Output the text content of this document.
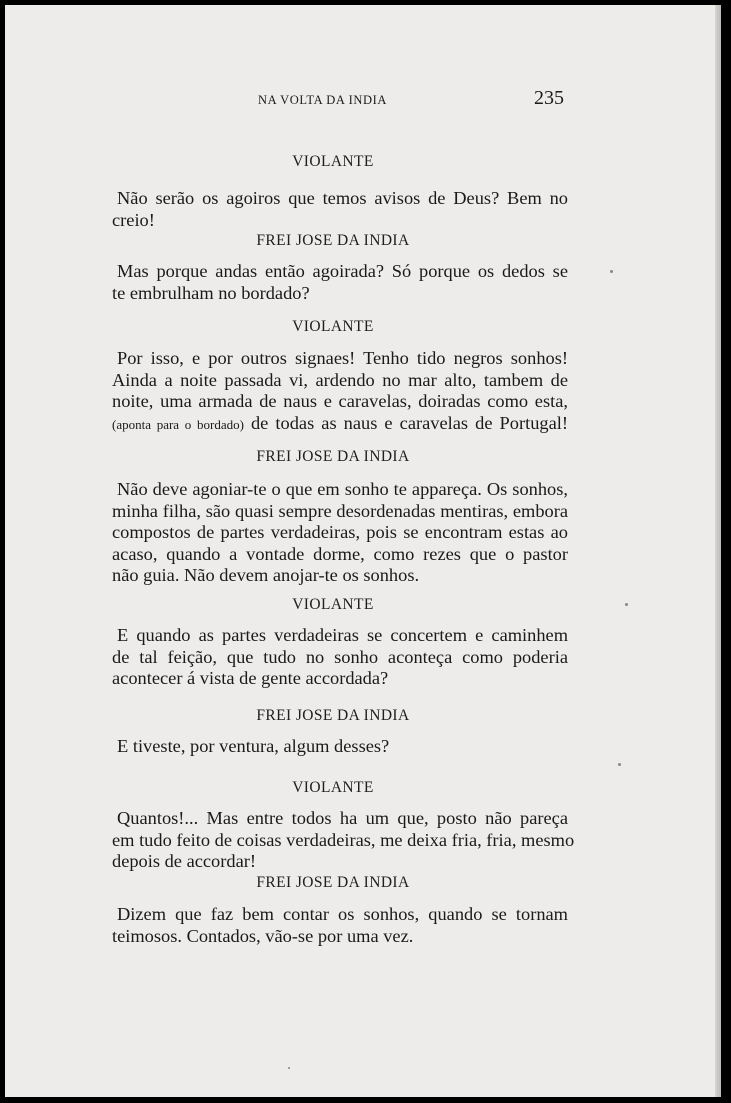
NA VOLTA DA INDIA	235
VIOLANTE
Não serão os agoiros que temos avisos de Deus? Bem no
creio!
FREI JOSE DA INDIA
Mas porque andas então agoirada? Só porque os dedos se
te embrulham no bordado?
VIOLANTE
Por isso, e por outros signaes! Tenho tido negros sonhos!
Ainda a noite passada vi, ardendo no mar alto, tambem de
noite, uma armada de naus e caravelas, doiradas como esta,
(aponta para o bordado) de todas as naus e caravelas de Portugal!
FREI JOSE DA INDIA
Não deve agoniar-te o que em sonho te appareça. Os sonhos,
minha filha, são quasi sempre desordenadas mentiras, embora
compostos de partes verdadeiras, pois se encontram estas ao
acaso, quando a vontade dorme, como rezes que o pastor
não guia. Não devem anojar-te os sonhos.
VIOLANTE
E quando as partes verdadeiras se concertem e caminhem
de tal feição, que tudo no sonho aconteça como poderia
acontecer á vista de gente accordada?
FREI JOSE DA INDIA
E tiveste, por ventura, algum desses?
VIOLANTE
Quantos!... Mas entre todos ha um que, posto não pareça
em tudo feito de coisas verdadeiras, me deixa fria, fria, mesmo
depois de accordar!
FREI JOSE DA INDIA
Dizem que faz bem contar os sonhos, quando se tornam
teimosos. Contados, vão-se por uma vez.
